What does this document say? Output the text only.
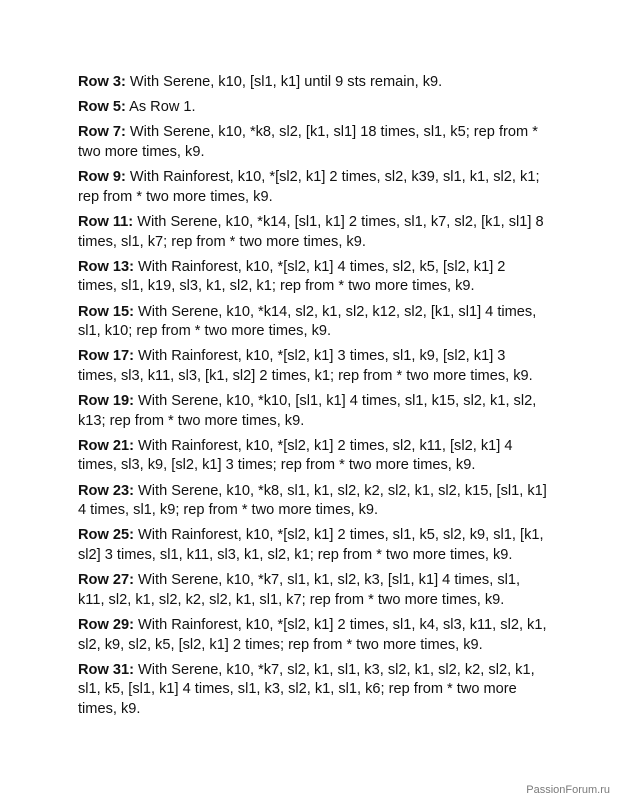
Row 3: With Serene, k10, [sl1, k1] until 9 sts remain, k9.
Row 5: As Row 1.
Row 7: With Serene, k10, *k8, sl2, [k1, sl1] 18 times, sl1, k5; rep from * two more times, k9.
Row 9: With Rainforest, k10, *[sl2, k1] 2 times, sl2, k39, sl1, k1, sl2, k1; rep from * two more times, k9.
Row 11: With Serene, k10, *k14, [sl1, k1] 2 times, sl1, k7, sl2, [k1, sl1] 8 times, sl1, k7; rep from * two more times, k9.
Row 13: With Rainforest, k10, *[sl2, k1] 4 times, sl2, k5, [sl2, k1] 2 times, sl1, k19, sl3, k1, sl2, k1; rep from * two more times, k9.
Row 15: With Serene, k10, *k14, sl2, k1, sl2, k12, sl2, [k1, sl1] 4 times, sl1, k10; rep from * two more times, k9.
Row 17: With Rainforest, k10, *[sl2, k1] 3 times, sl1, k9, [sl2, k1] 3 times, sl3, k11, sl3, [k1, sl2] 2 times, k1; rep from * two more times, k9.
Row 19: With Serene, k10, *k10, [sl1, k1] 4 times, sl1, k15, sl2, k1, sl2, k13; rep from * two more times, k9.
Row 21: With Rainforest, k10, *[sl2, k1] 2 times, sl2, k11, [sl2, k1] 4 times, sl3, k9, [sl2, k1] 3 times; rep from * two more times, k9.
Row 23: With Serene, k10, *k8, sl1, k1, sl2, k2, sl2, k1, sl2, k15, [sl1, k1] 4 times, sl1, k9; rep from * two more times, k9.
Row 25: With Rainforest, k10, *[sl2, k1] 2 times, sl1, k5, sl2, k9, sl1, [k1, sl2] 3 times, sl1, k11, sl3, k1, sl2, k1; rep from * two more times, k9.
Row 27: With Serene, k10, *k7, sl1, k1, sl2, k3, [sl1, k1] 4 times, sl1, k11, sl2, k1, sl2, k2, sl2, k1, sl1, k7; rep from * two more times, k9.
Row 29: With Rainforest, k10, *[sl2, k1] 2 times, sl1, k4, sl3, k11, sl2, k1, sl2, k9, sl2, k5, [sl2, k1] 2 times; rep from * two more times, k9.
Row 31: With Serene, k10, *k7, sl2, k1, sl1, k3, sl2, k1, sl2, k2, sl2, k1, sl1, k5, [sl1, k1] 4 times, sl1, k3, sl2, k1, sl1, k6; rep from * two more times, k9.
PassionForum.ru
